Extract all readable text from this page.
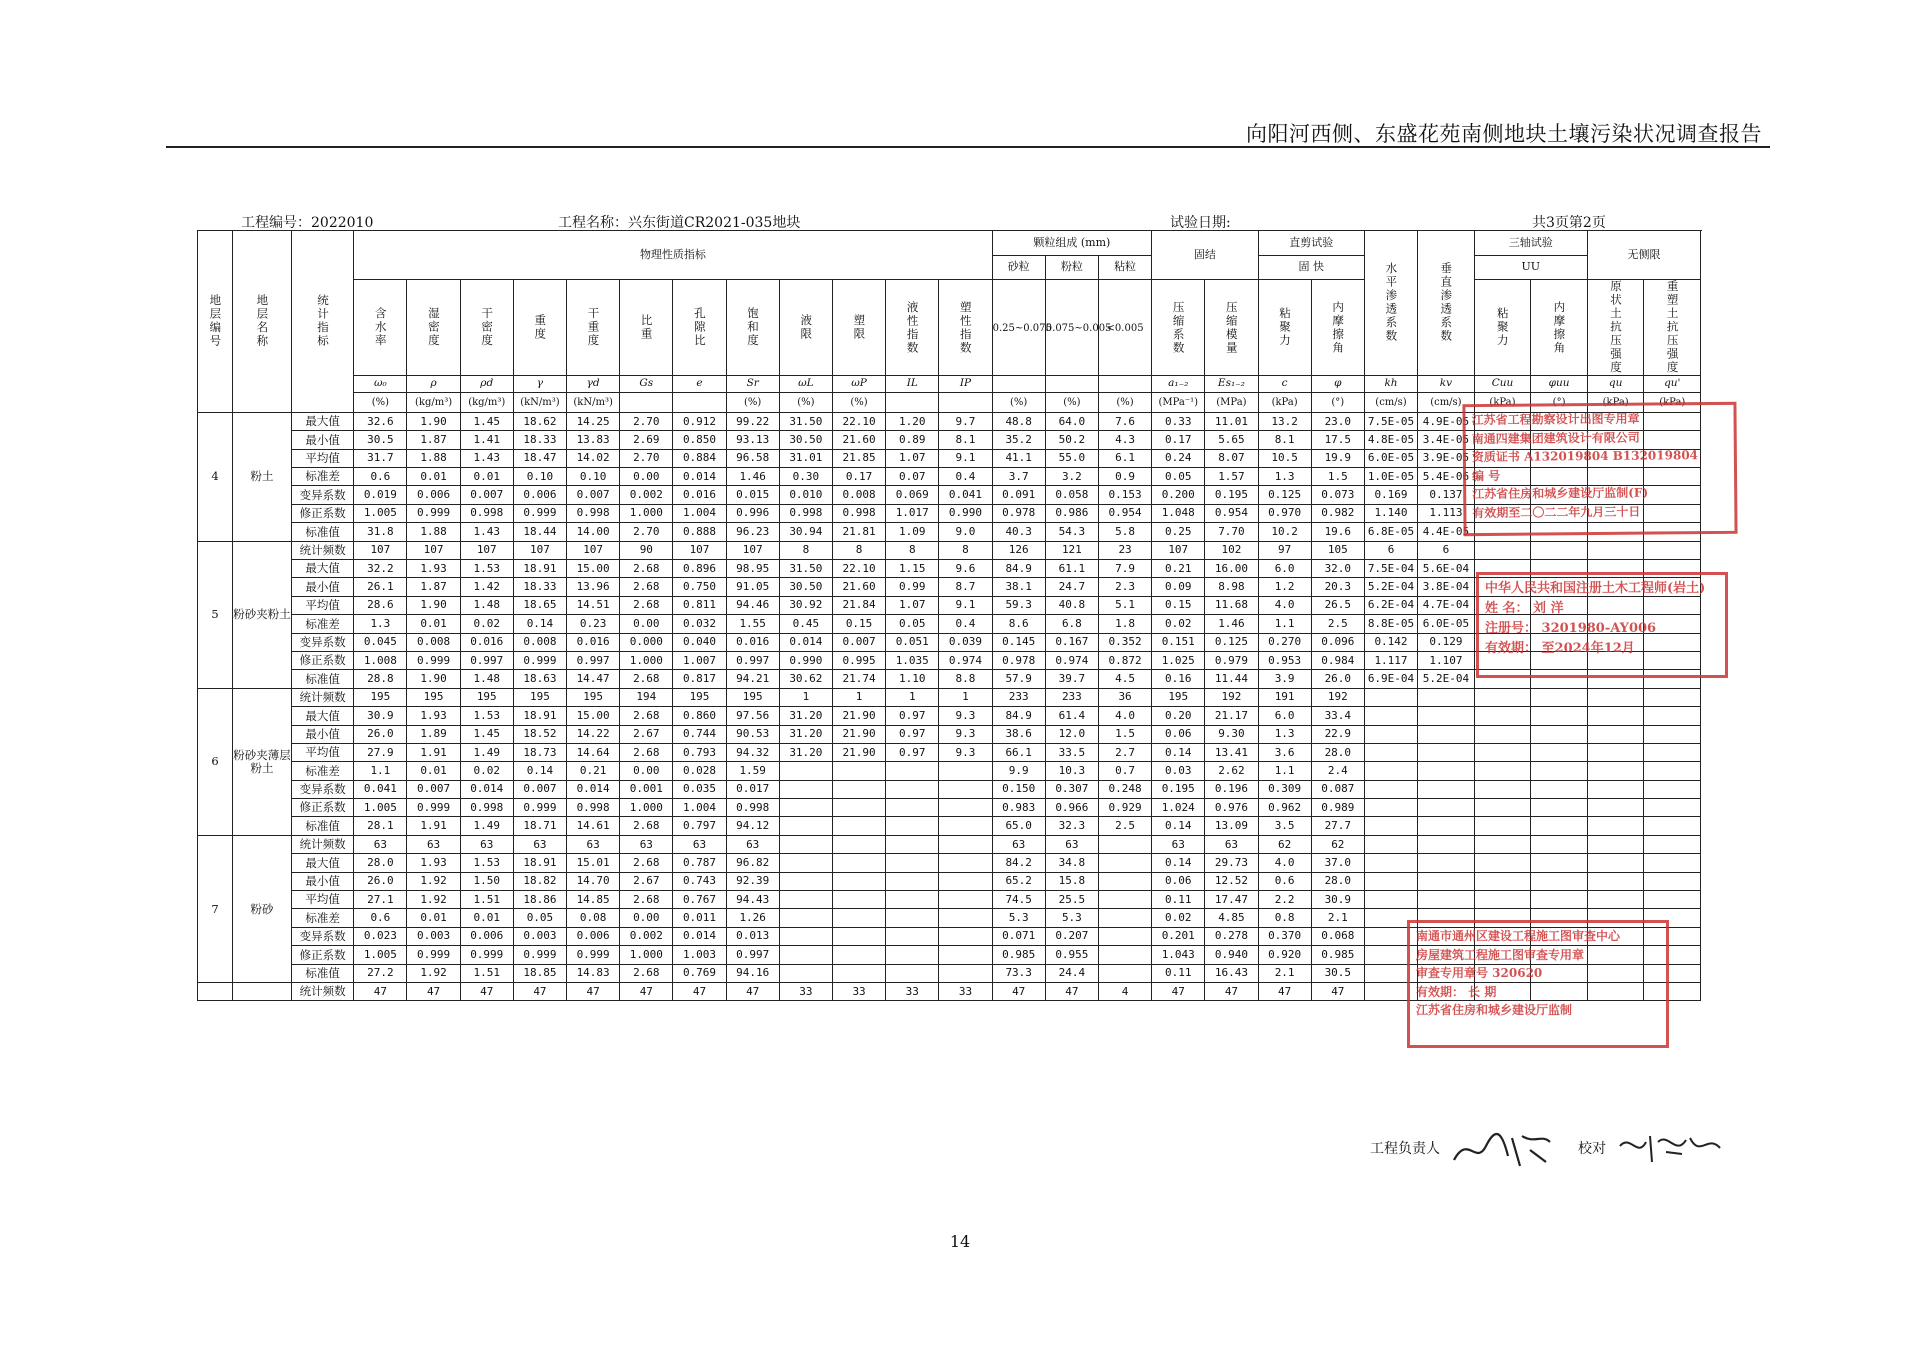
向阳河西侧、东盛花苑南侧地块土壤污染状况调查报告
工程编号：2022010	工程名称：兴东街道CR2021-035地块	试验日期:	共3页第2页
地层编号	地层名称	统计指标	物理性质指标												颗粒组成 (mm)			固结		直剪试验		水平渗透系数	垂直渗透系数	三轴试验		无侧限	
															砂粒	粉粒	粘粒			固 快				UU				

			含水率	湿密度	干密度	重度	干重度	比重	孔隙比	饱和度	液限	塑限	液性指数	塑性指数	0.25~0.075	0.075~0.005	<0.005	压缩系数	压缩模量	粘聚力	内摩擦角			粘聚力	内摩擦角	原状土抗压强度	重塑土抗压强度

			ω₀	ρ	ρd	γ	γd	Gs	e	Sr	ωL	ωP	IL	IP				a₁₋₂	Es₁₋₂	c	φ	kh	kv	Cuu	φuu	qu	qu'			
			(%)	(kg/m³)	(kg/m³)	(kN/m³)	(kN/m³)			(%)	(%)	(%)			(%)	(%)	(%)	(MPa⁻¹)	(MPa)	(kPa)	(°)	(cm/s)	(cm/s)	(kPa)	(°)	(kPa)	(kPa)			
4	粉土	最大值	32.6	1.90	1.45	18.62	14.25	2.70	0.912	99.22	31.50	22.10	1.20	9.7	48.8	64.0	7.6	0.33	11.01	13.2	23.0	7.5E-05	4.9E-05							
		最小值	30.5	1.87	1.41	18.33	13.83	2.69	0.850	93.13	30.50	21.60	0.89	8.1	35.2	50.2	4.3	0.17	5.65	8.1	17.5	4.8E-05	3.4E-05							
		平均值	31.7	1.88	1.43	18.47	14.02	2.70	0.884	96.58	31.01	21.85	1.07	9.1	41.1	55.0	6.1	0.24	8.07	10.5	19.9	6.0E-05	3.9E-05							
		标准差	0.6	0.01	0.01	0.10	0.10	0.00	0.014	1.46	0.30	0.17	0.07	0.4	3.7	3.2	0.9	0.05	1.57	1.3	1.5	1.0E-05	5.4E-06							
		变异系数	0.019	0.006	0.007	0.006	0.007	0.002	0.016	0.015	0.010	0.008	0.069	0.041	0.091	0.058	0.153	0.200	0.195	0.125	0.073	0.169	0.137							
		修正系数	1.005	0.999	0.998	0.999	0.998	1.000	1.004	0.996	0.998	0.998	1.017	0.990	0.978	0.986	0.954	1.048	0.954	0.970	0.982	1.140	1.113							
		标准值	31.8	1.88	1.43	18.44	14.00	2.70	0.888	96.23	30.94	21.81	1.09	9.0	40.3	54.3	5.8	0.25	7.70	10.2	19.6	6.8E-05	4.4E-05							
5	粉砂夹粉土	统计频数	107	107	107	107	107	90	107	107	8	8	8	8	126	121	23	107	102	97	105	6	6							
		最大值	32.2	1.93	1.53	18.91	15.00	2.68	0.896	98.95	31.50	22.10	1.15	9.6	84.9	61.1	7.9	0.21	16.00	6.0	32.0	7.5E-04	5.6E-04							
		最小值	26.1	1.87	1.42	18.33	13.96	2.68	0.750	91.05	30.50	21.60	0.99	8.7	38.1	24.7	2.3	0.09	8.98	1.2	20.3	5.2E-04	3.8E-04							
		平均值	28.6	1.90	1.48	18.65	14.51	2.68	0.811	94.46	30.92	21.84	1.07	9.1	59.3	40.8	5.1	0.15	11.68	4.0	26.5	6.2E-04	4.7E-04							
		标准差	1.3	0.01	0.02	0.14	0.23	0.00	0.032	1.55	0.45	0.15	0.05	0.4	8.6	6.8	1.8	0.02	1.46	1.1	2.5	8.8E-05	6.0E-05							
		变异系数	0.045	0.008	0.016	0.008	0.016	0.000	0.040	0.016	0.014	0.007	0.051	0.039	0.145	0.167	0.352	0.151	0.125	0.270	0.096	0.142	0.129							
		修正系数	1.008	0.999	0.997	0.999	0.997	1.000	1.007	0.997	0.990	0.995	1.035	0.974	0.978	0.974	0.872	1.025	0.979	0.953	0.984	1.117	1.107							
		标准值	28.8	1.90	1.48	18.63	14.47	2.68	0.817	94.21	30.62	21.74	1.10	8.8	57.9	39.7	4.5	0.16	11.44	3.9	26.0	6.9E-04	5.2E-04							
6	粉砂夹薄层粉土	统计频数	195	195	195	195	195	194	195	195	1	1	1	1	233	233	36	195	192	191	192									
		最大值	30.9	1.93	1.53	18.91	15.00	2.68	0.860	97.56	31.20	21.90	0.97	9.3	84.9	61.4	4.0	0.20	21.17	6.0	33.4									
		最小值	26.0	1.89	1.45	18.52	14.22	2.67	0.744	90.53	31.20	21.90	0.97	9.3	38.6	12.0	1.5	0.06	9.30	1.3	22.9									
		平均值	27.9	1.91	1.49	18.73	14.64	2.68	0.793	94.32	31.20	21.90	0.97	9.3	66.1	33.5	2.7	0.14	13.41	3.6	28.0									
		标准差	1.1	0.01	0.02	0.14	0.21	0.00	0.028	1.59					9.9	10.3	0.7	0.03	2.62	1.1	2.4									
		变异系数	0.041	0.007	0.014	0.007	0.014	0.001	0.035	0.017					0.150	0.307	0.248	0.195	0.196	0.309	0.087									
		修正系数	1.005	0.999	0.998	0.999	0.998	1.000	1.004	0.998					0.983	0.966	0.929	1.024	0.976	0.962	0.989									
		标准值	28.1	1.91	1.49	18.71	14.61	2.68	0.797	94.12					65.0	32.3	2.5	0.14	13.09	3.5	27.7									
7	粉砂	统计频数	63	63	63	63	63	63	63	63					63	63		63	63	62	62									
		最大值	28.0	1.93	1.53	18.91	15.01	2.68	0.787	96.82					84.2	34.8		0.14	29.73	4.0	37.0									
		最小值	26.0	1.92	1.50	18.82	14.70	2.67	0.743	92.39					65.2	15.8		0.06	12.52	0.6	28.0									
		平均值	27.1	1.92	1.51	18.86	14.85	2.68	0.767	94.43					74.5	25.5		0.11	17.47	2.2	30.9									
		标准差	0.6	0.01	0.01	0.05	0.08	0.00	0.011	1.26					5.3	5.3		0.02	4.85	0.8	2.1									
		变异系数	0.023	0.003	0.006	0.003	0.006	0.002	0.014	0.013					0.071	0.207		0.201	0.278	0.370	0.068									
		修正系数	1.005	0.999	0.999	0.999	0.999	1.000	1.003	0.997					0.985	0.955		1.043	0.940	0.920	0.985									
		标准值	27.2	1.92	1.51	18.85	14.83	2.68	0.769	94.16					73.3	24.4		0.11	16.43	2.1	30.5									
		统计频数	47	47	47	47	47	47	47	47	33	33	33	33	47	47	4	47	47	47	47									
江苏省工程勘察设计出图专用章
南通四建集团建筑设计有限公司
资质证书 A132019804 B132019804
编 号
江苏省住房和城乡建设厅监制(F)
有效期至二〇二二年九月三十日
中华人民共和国注册土木工程师(岩土)
姓 名： 刘 洋
注册号： 3201980-AY006
有效期： 至2024年12月
南通市通州区建设工程施工图审查中心
房屋建筑工程施工图审查专用章
审查专用章号 320620
有效期： 长 期
江苏省住房和城乡建设厅监制
工程负责人	校对
14
